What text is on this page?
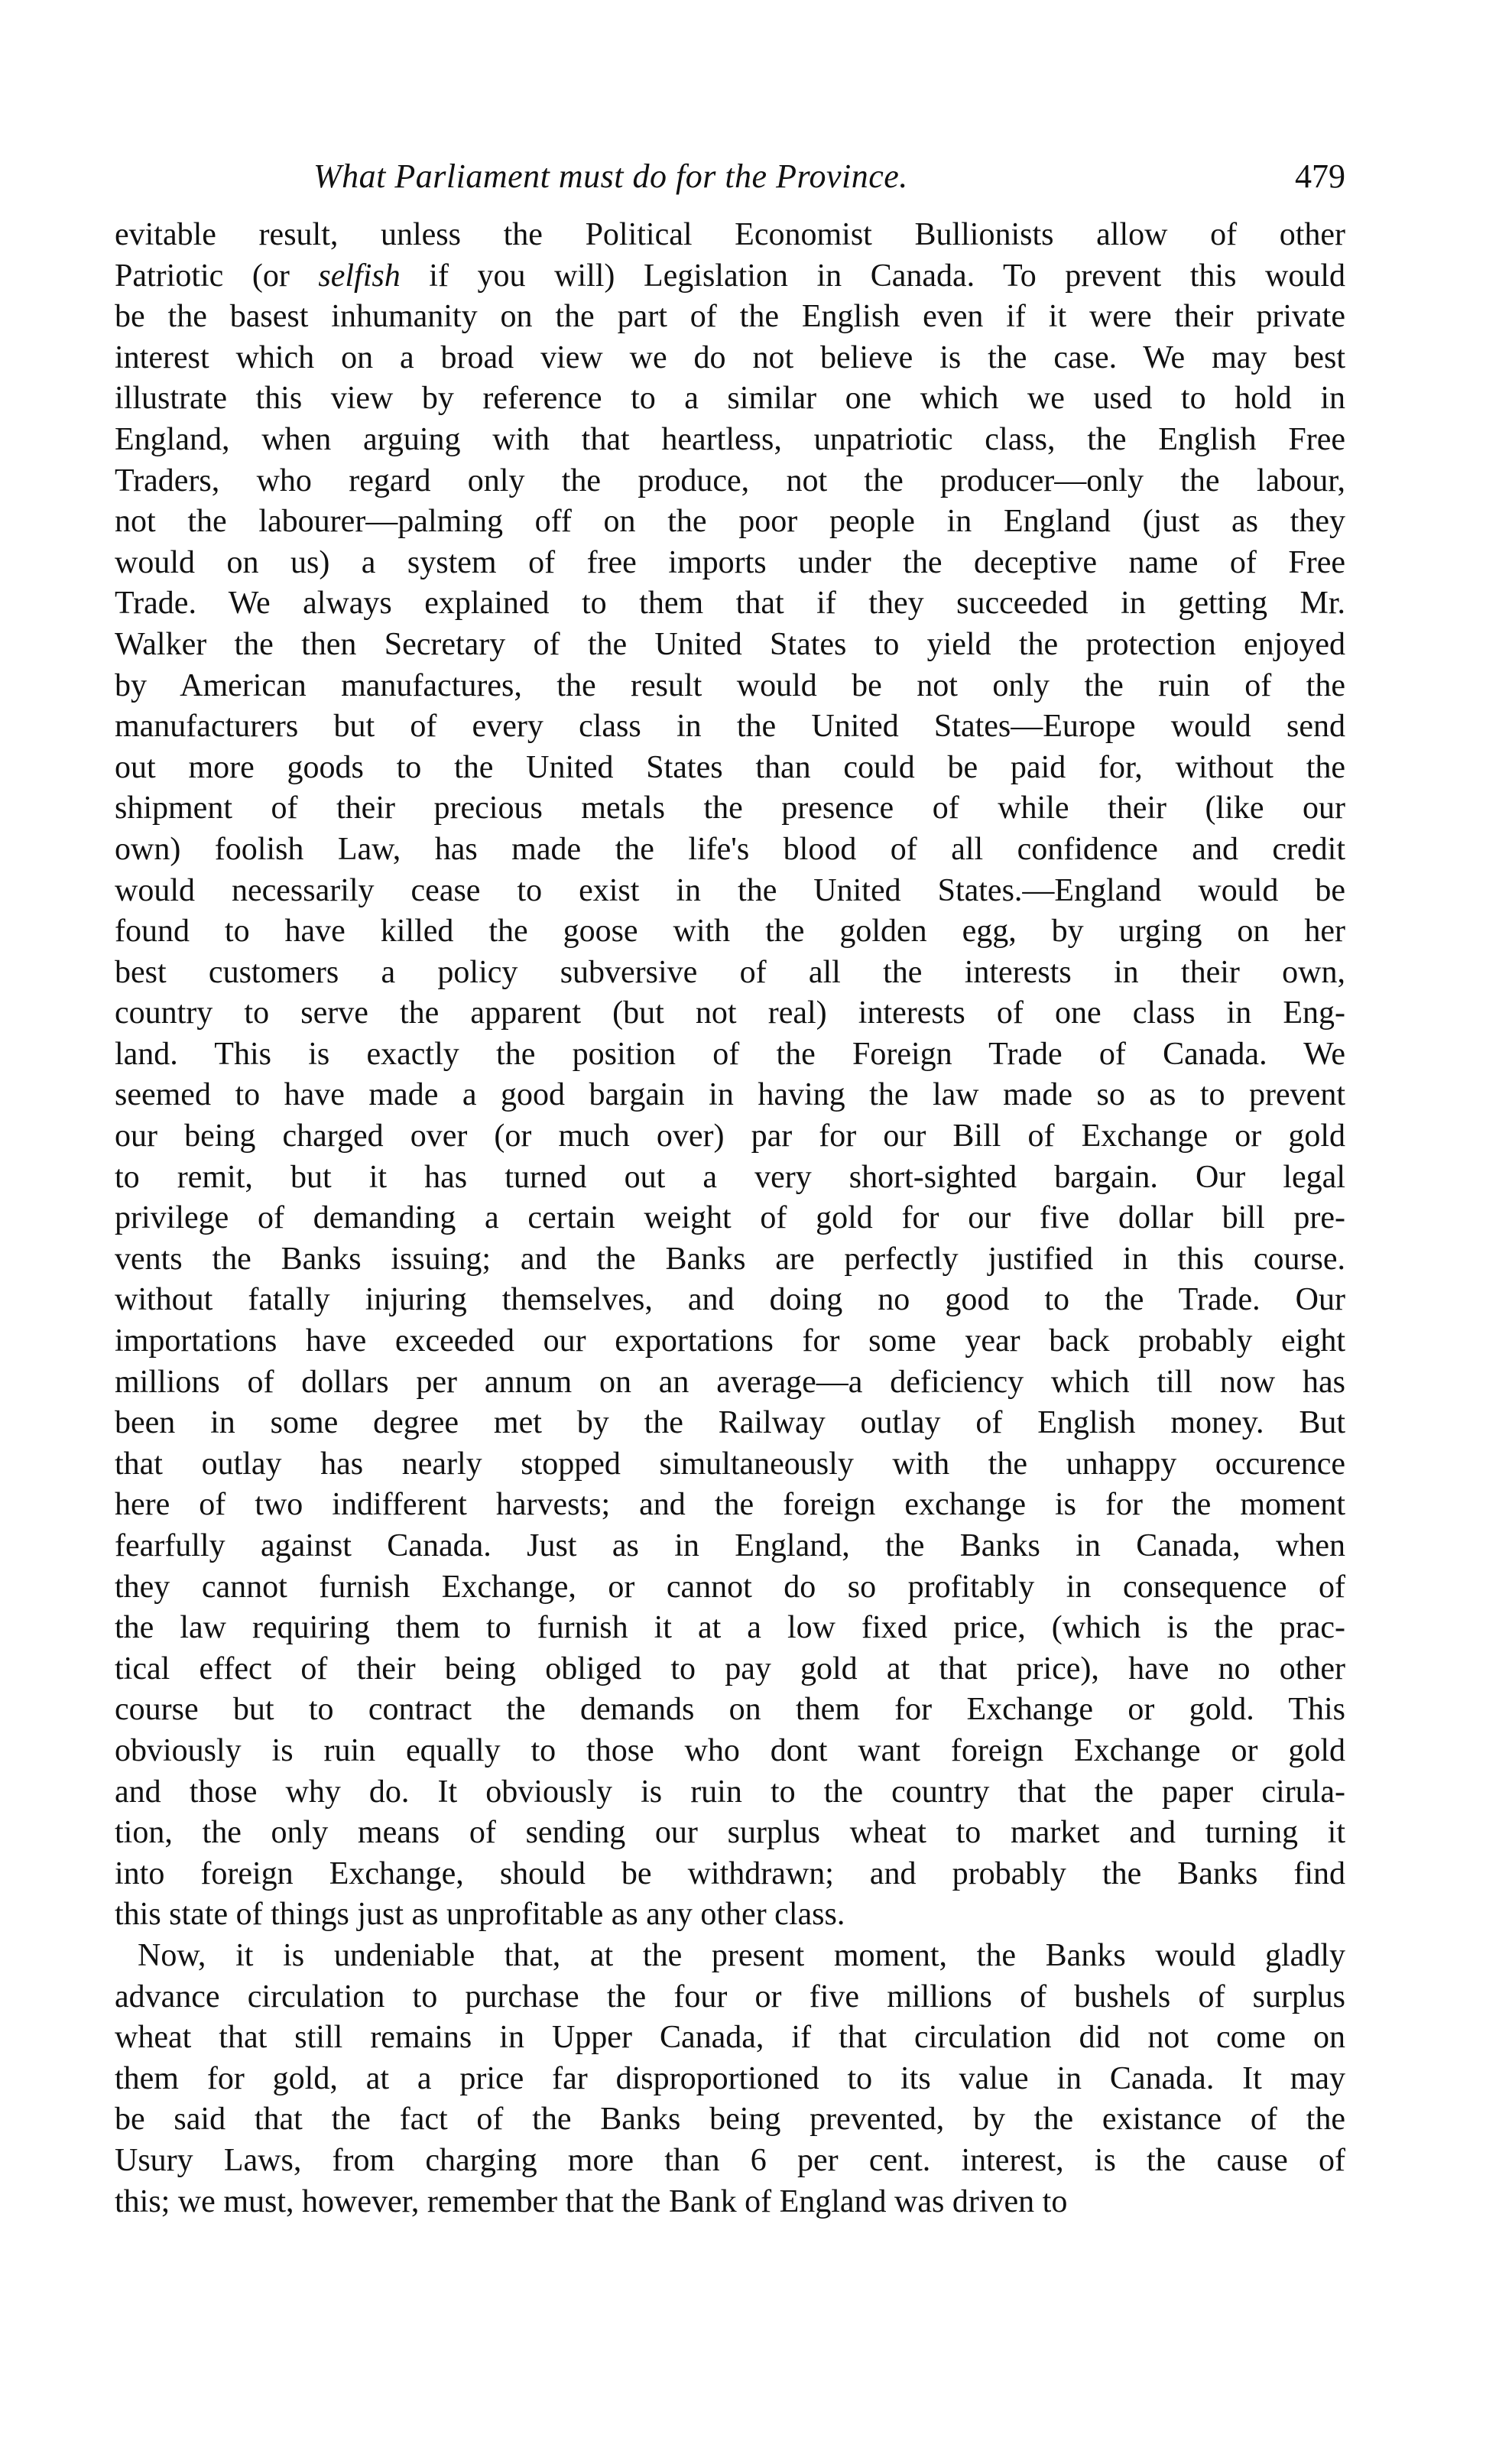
What Parliament must do for the Province.	479
evitable result, unless the Political Economist Bullionists allow of other
Patriotic (or selfish if you will) Legislation in Canada. To prevent this would
be the basest inhumanity on the part of the English even if it were their private
interest which on a broad view we do not believe is the case. We may best
illustrate this view by reference to a similar one which we used to hold in
England, when arguing with that heartless, unpatriotic class, the English Free
Traders, who regard only the produce, not the producer—only the labour,
not the labourer—palming off on the poor people in England (just as they
would on us) a system of free imports under the deceptive name of Free
Trade. We always explained to them that if they succeeded in getting Mr.
Walker the then Secretary of the United States to yield the protection enjoyed
by American manufactures, the result would be not only the ruin of the
manufacturers but of every class in the United States—Europe would send
out more goods to the United States than could be paid for, without the
shipment of their precious metals the presence of while their (like our
own) foolish Law, has made the life's blood of all confidence and credit
would necessarily cease to exist in the United States.—England would be
found to have killed the goose with the golden egg, by urging on her
best customers a policy subversive of all the interests in their own,
country to serve the apparent (but not real) interests of one class in Eng-
land. This is exactly the position of the Foreign Trade of Canada. We
seemed to have made a good bargain in having the law made so as to prevent
our being charged over (or much over) par for our Bill of Exchange or gold
to remit, but it has turned out a very short-sighted bargain. Our legal
privilege of demanding a certain weight of gold for our five dollar bill pre-
vents the Banks issuing; and the Banks are perfectly justified in this course.
without fatally injuring themselves, and doing no good to the Trade. Our
importations have exceeded our exportations for some year back probably eight
millions of dollars per annum on an average—a deficiency which till now has
been in some degree met by the Railway outlay of English money. But
that outlay has nearly stopped simultaneously with the unhappy occurence
here of two indifferent harvests; and the foreign exchange is for the moment
fearfully against Canada. Just as in England, the Banks in Canada, when
they cannot furnish Exchange, or cannot do so profitably in consequence of
the law requiring them to furnish it at a low fixed price, (which is the prac-
tical effect of their being obliged to pay gold at that price), have no other
course but to contract the demands on them for Exchange or gold. This
obviously is ruin equally to those who dont want foreign Exchange or gold
and those why do. It obviously is ruin to the country that the paper cirula-
tion, the only means of sending our surplus wheat to market and turning it
into foreign Exchange, should be withdrawn; and probably the Banks find
this state of things just as unprofitable as any other class.
Now, it is undeniable that, at the present moment, the Banks would gladly
advance circulation to purchase the four or five millions of bushels of surplus
wheat that still remains in Upper Canada, if that circulation did not come on
them for gold, at a price far disproportioned to its value in Canada. It may
be said that the fact of the Banks being prevented, by the existance of the
Usury Laws, from charging more than 6 per cent. interest, is the cause of
this; we must, however, remember that the Bank of England was driven to
